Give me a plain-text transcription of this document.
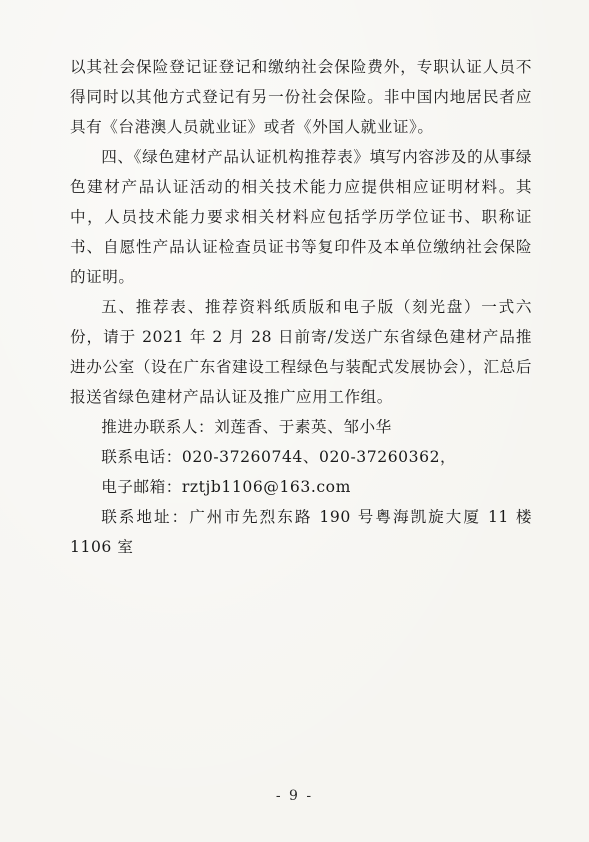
以其社会保险登记证登记和缴纳社会保险费外，专职认证人员不得同时以其他方式登记有另一份社会保险。非中国内地居民者应具有《台港澳人员就业证》或者《外国人就业证》。

四、《绿色建材产品认证机构推荐表》填写内容涉及的从事绿色建材产品认证活动的相关技术能力应提供相应证明材料。其中，人员技术能力要求相关材料应包括学历学位证书、职称证书、自愿性产品认证检查员证书等复印件及本单位缴纳社会保险的证明。

五、推荐表、推荐资料纸质版和电子版（刻光盘）一式六份，请于 2021 年 2 月 28 日前寄/发送广东省绿色建材产品推进办公室（设在广东省建设工程绿色与装配式发展协会），汇总后报送省绿色建材产品认证及推广应用工作组。

推进办联系人：刘莲香、于素英、邹小华

联系电话：020-37260744、020-37260362，

电子邮箱：rztjb1106@163.com

联系地址：广州市先烈东路 190 号粤海凯旋大厦 11 楼 1106 室

- 9 -
